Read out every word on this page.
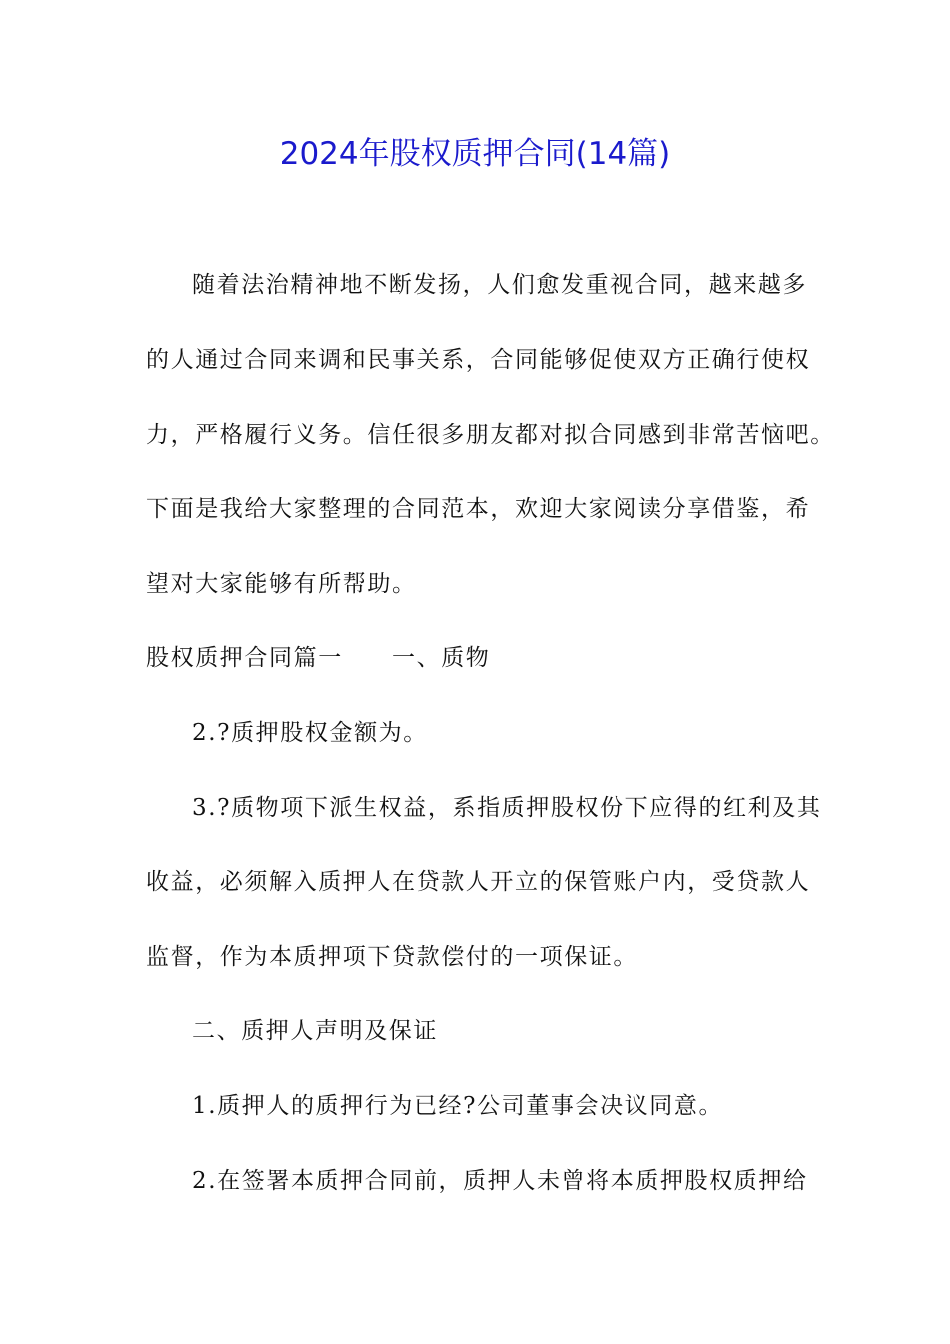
2024年股权质押合同(14篇)
随着法治精神地不断发扬，人们愈发重视合同，越来越多
的人通过合同来调和民事关系，合同能够促使双方正确行使权
力，严格履行义务。信任很多朋友都对拟合同感到非常苦恼吧。
下面是我给大家整理的合同范本，欢迎大家阅读分享借鉴，希
望对大家能够有所帮助。
股权质押合同篇一　　一、质物
2.?质押股权金额为。
3.?质物项下派生权益，系指质押股权份下应得的红利及其
收益，必须解入质押人在贷款人开立的保管账户内，受贷款人
监督，作为本质押项下贷款偿付的一项保证。
二、质押人声明及保证
1.质押人的质押行为已经?公司董事会决议同意。
2.在签署本质押合同前，质押人未曾将本质押股权质押给
